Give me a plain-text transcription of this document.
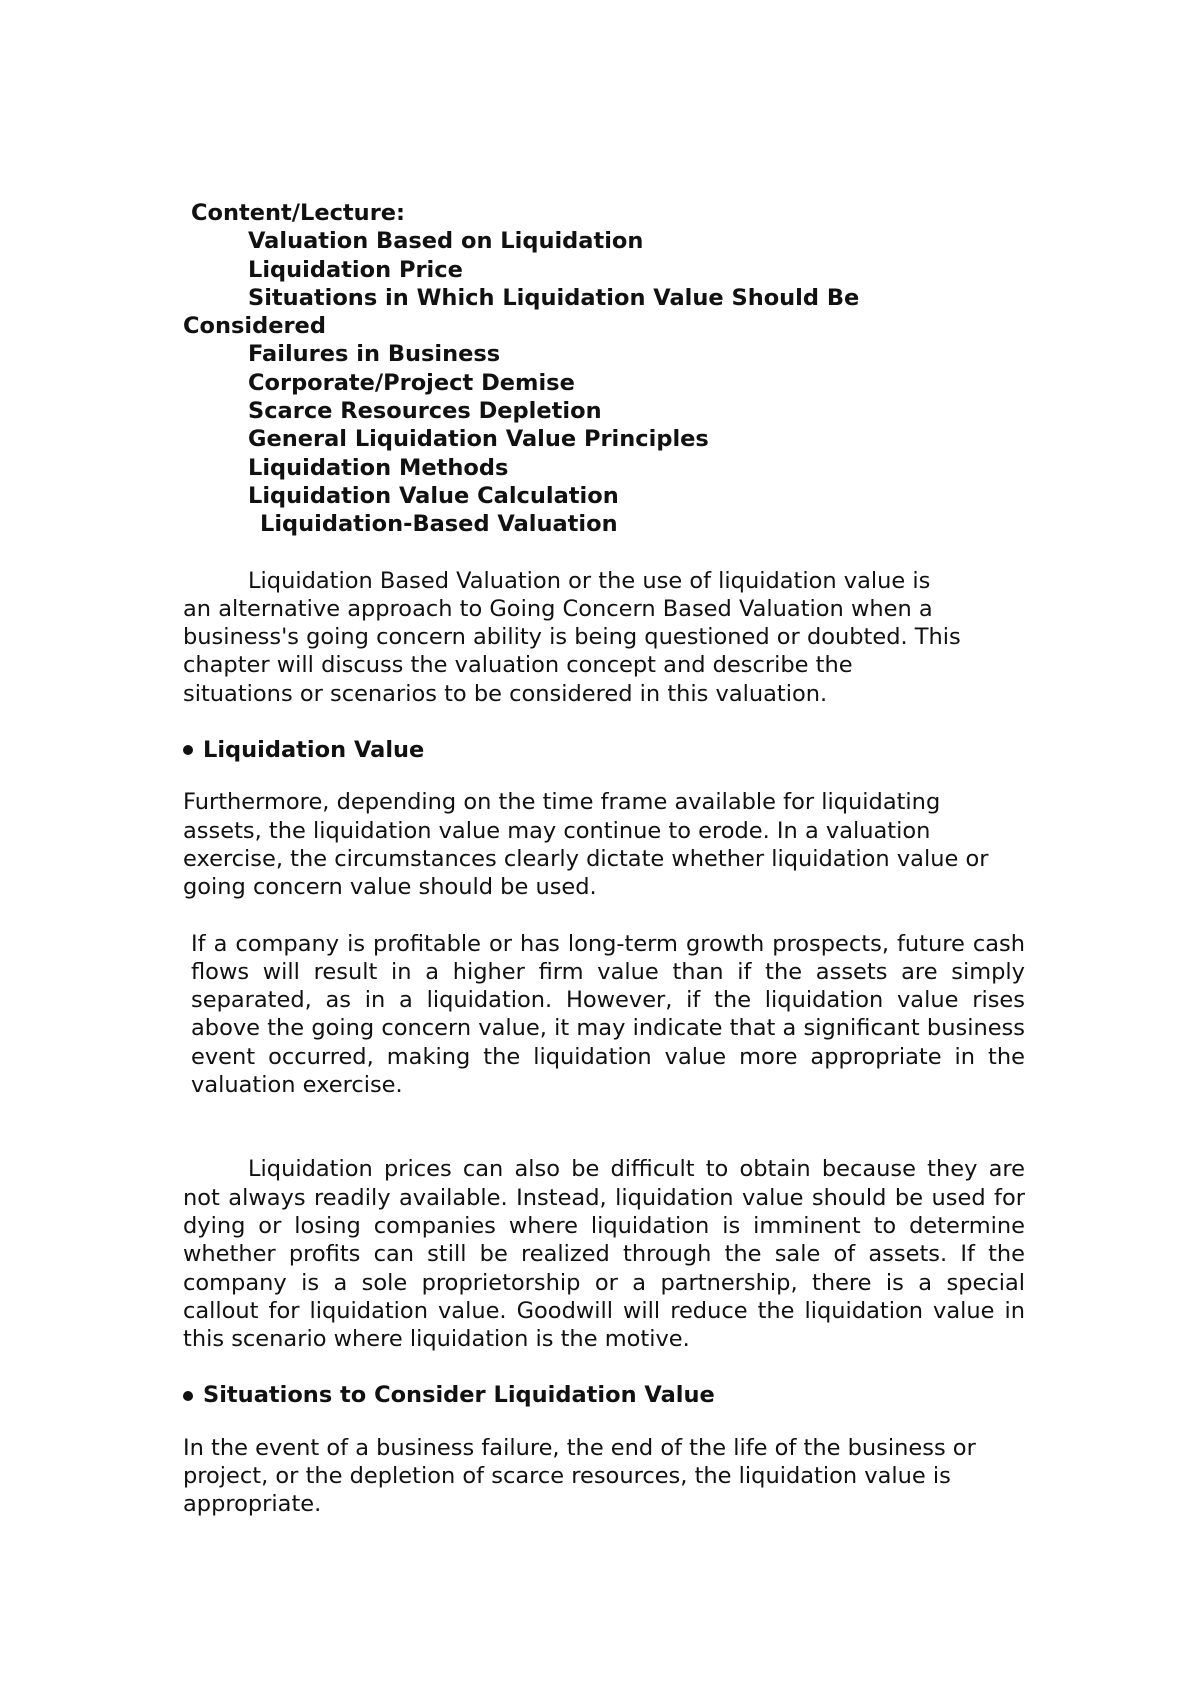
Content/Lecture:
Valuation Based on Liquidation
Liquidation Price
Situations in Which Liquidation Value Should Be
Considered
Failures in Business
Corporate/Project Demise
Scarce Resources Depletion
General Liquidation Value Principles
Liquidation Methods
Liquidation Value Calculation
Liquidation-Based Valuation
Liquidation Based Valuation or the use of liquidation value is
an alternative approach to Going Concern Based Valuation when a
business's going concern ability is being questioned or doubted. This
chapter will discuss the valuation concept and describe the
situations or scenarios to be considered in this valuation.
Liquidation Value

Furthermore, depending on the time frame available for liquidating assets, the liquidation value may continue to erode. In a valuation exercise, the circumstances clearly dictate whether liquidation value or going concern value should be used.

If a company is profitable or has long-term growth prospects, future cash flows will result in a higher firm value than if the assets are simply separated, as in a liquidation. However, if the liquidation value rises above the going concern value, it may indicate that a significant business event occurred, making the liquidation value more appropriate in the valuation exercise.

Liquidation prices can also be difficult to obtain because they are not always readily available. Instead, liquidation value should be used for dying or losing companies where liquidation is imminent to determine whether profits can still be realized through the sale of assets. If the company is a sole proprietorship or a partnership, there is a special callout for liquidation value. Goodwill will reduce the liquidation value in this scenario where liquidation is the motive.

Situations to Consider Liquidation Value

In the event of a business failure, the end of the life of the business or project, or the depletion of scarce resources, the liquidation value is appropriate.
